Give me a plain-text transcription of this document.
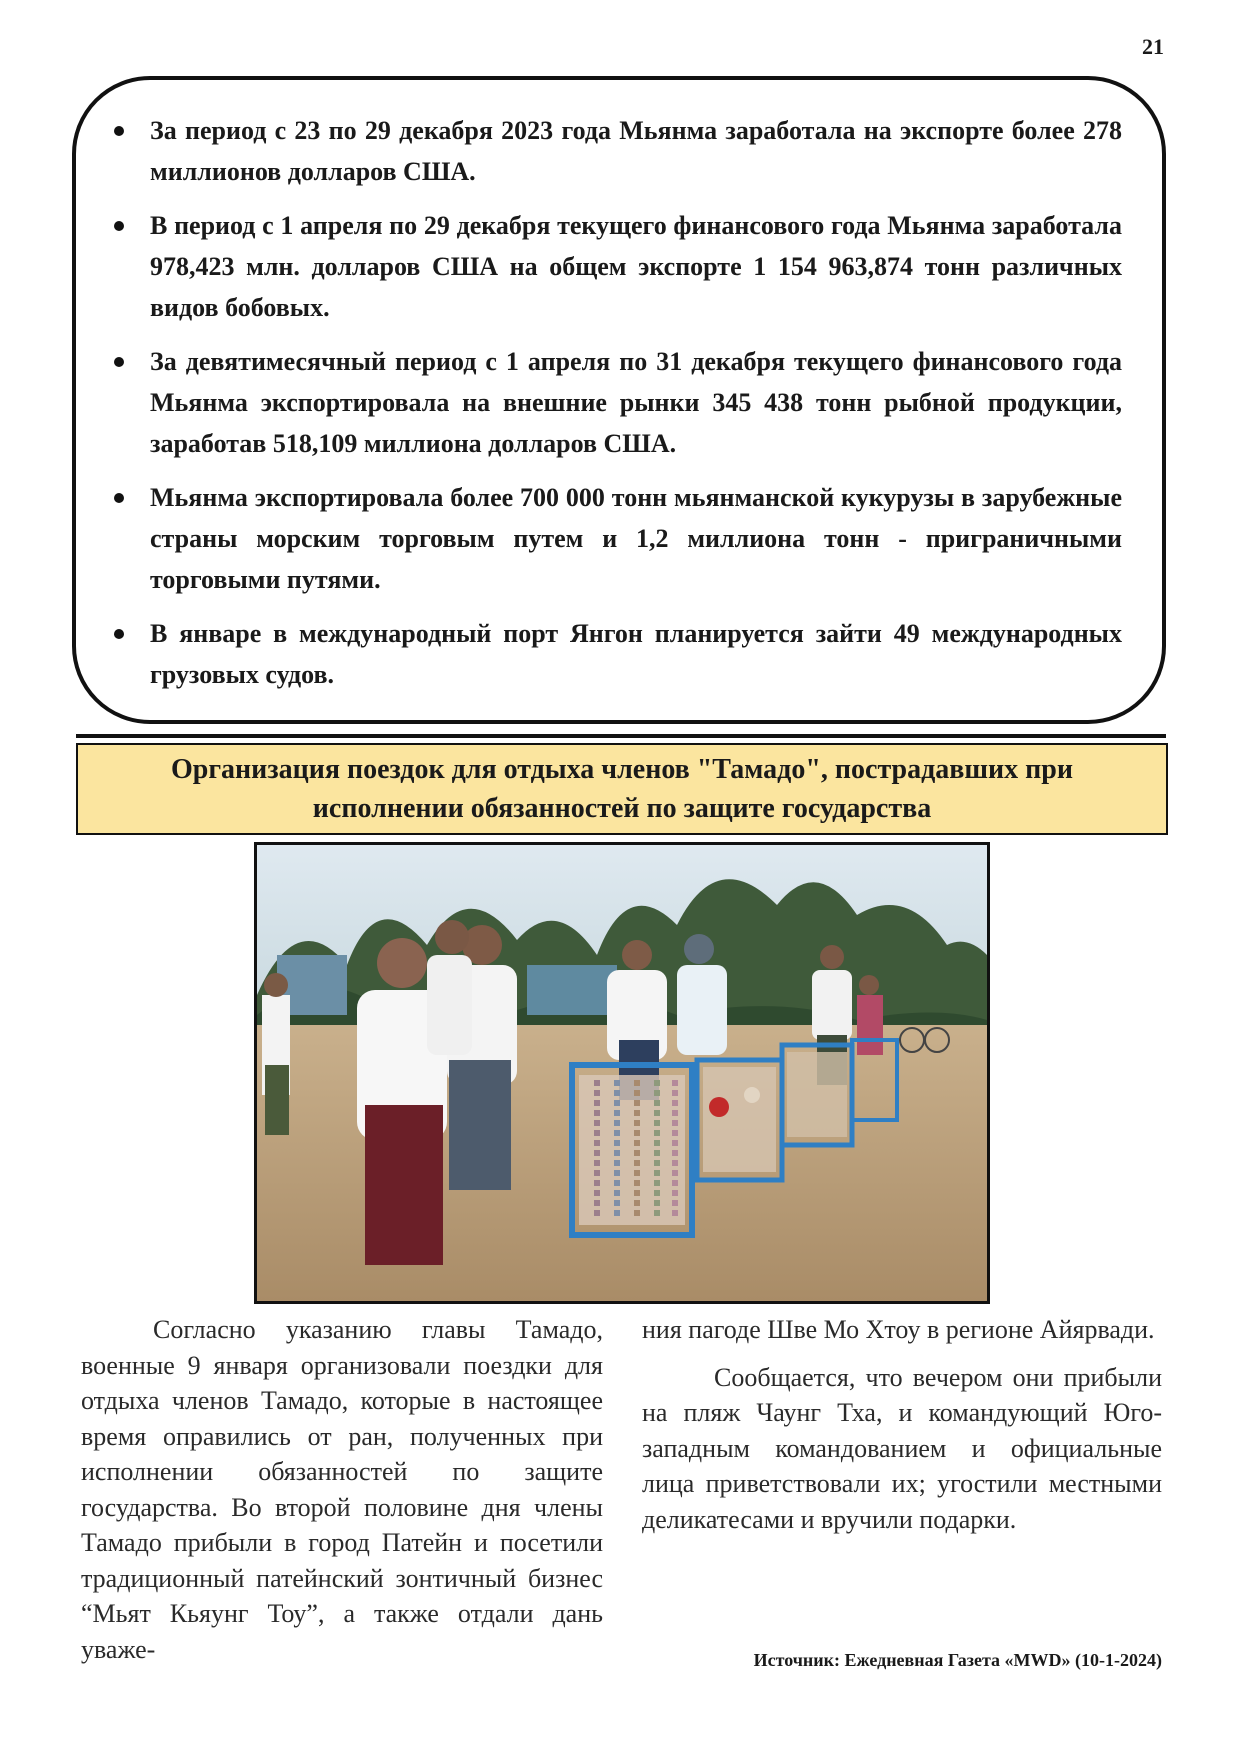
21
За период с 23 по 29 декабря 2023 года Мьянма заработала на экспорте более 278 миллионов долларов США.
В период с 1 апреля по 29 декабря текущего финансового года Мьянма заработала 978,423 млн. долларов США на общем экспорте 1 154 963,874 тонн различных видов бобовых.
За девятимесячный период с 1 апреля по 31 декабря текущего финансового года Мьянма экспортировала на внешние рынки 345 438 тонн рыбной продукции, заработав 518,109 миллиона долларов США.
Мьянма экспортировала более 700 000 тонн мьянманской кукурузы в зарубежные страны морским торговым путем и 1,2 миллиона тонн - приграничными торговыми путями.
В январе в международный порт Янгон планируется зайти 49 международных грузовых судов.
Организация поездок для отдыха членов "Тамадо", пострадавших при исполнении обязанностей по защите государства

Согласно указанию главы Тамадо, военные 9 января организовали поездки для отдыха членов Тамадо, которые в настоящее время оправились от ран, полученных при исполнении обязанностей по защите государства. Во второй половине дня члены Тамадо прибыли в город Патейн и посетили традиционный патейнский зонтичный бизнес “Мьят Кьяунг Тоу”, а также отдали дань уваже-

ния пагоде Шве Мо Хтоу в регионе Айярвади.

Сообщается, что вечером они прибыли на пляж Чаунг Тха, и командующий Юго-западным командованием и официальные лица приветствовали их; угостили местными деликатесами и вручили подарки.

Источник: Ежедневная Газета «MWD» (10-1-2024)
